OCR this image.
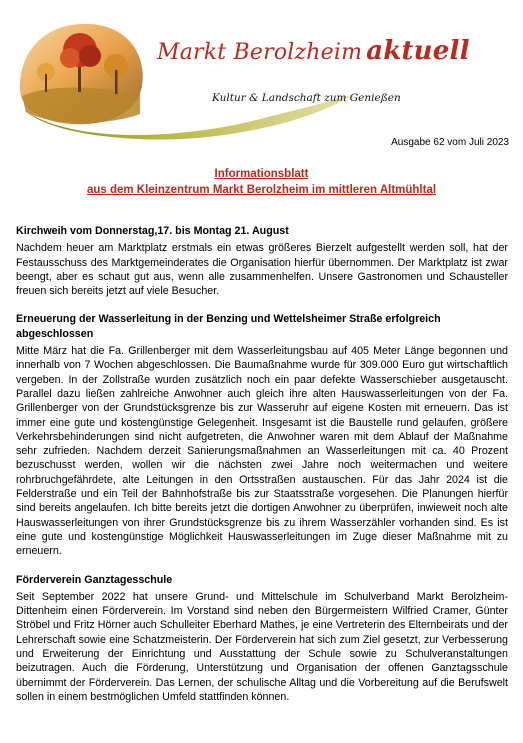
Markt Berolzheim aktuell
Kultur & Landschaft zum Genießen
Ausgabe 62 vom Juli 2023
Informationsblatt
aus dem Kleinzentrum Markt Berolzheim im mittleren Altmühltal
Kirchweih vom Donnerstag,17. bis Montag 21. August

Nachdem heuer am Marktplatz erstmals ein etwas größeres Bierzelt aufgestellt werden soll, hat der Festausschuss des Marktgemeinderates die Organisation hierfür übernommen. Der Marktplatz ist zwar beengt, aber es schaut gut aus, wenn alle zusammenhelfen. Unsere Gastronomen und Schausteller freuen sich bereits jetzt auf viele Besucher.

Erneuerung der Wasserleitung in der Benzing und Wettelsheimer Straße erfolgreich abgeschlossen

Mitte März hat die Fa. Grillenberger mit dem Wasserleitungsbau auf 405 Meter Länge begonnen und innerhalb von 7 Wochen abgeschlossen. Die Baumaßnahme wurde für 309.000 Euro gut wirtschaftlich vergeben. In der Zollstraße wurden zusätzlich noch ein paar defekte Wasserschieber ausgetauscht. Parallel dazu ließen zahlreiche Anwohner auch gleich ihre alten Hauswasserleitungen von der Fa. Grillenberger von der Grundstücksgrenze bis zur Wasseruhr auf eigene Kosten mit erneuern. Das ist immer eine gute und kostengünstige Gelegenheit. Insgesamt ist die Baustelle rund gelaufen, größere Verkehrsbehinderungen sind nicht aufgetreten, die Anwohner waren mit dem Ablauf der Maßnahme sehr zufrieden. Nachdem derzeit Sanierungsmaßnahmen an Wasserleitungen mit ca. 40 Prozent bezuschusst werden, wollen wir die nächsten zwei Jahre noch weitermachen und weitere rohrbruchgefährdete, alte Leitungen in den Ortsstraßen austauschen. Für das Jahr 2024 ist die Felderstraße und ein Teil der Bahnhofstraße bis zur Staatsstraße vorgesehen. Die Planungen hierfür sind bereits angelaufen. Ich bitte bereits jetzt die dortigen Anwohner zu überprüfen, inwieweit noch alte Hauswasserleitungen von ihrer Grundstücksgrenze bis zu ihrem Wasserzähler vorhanden sind. Es ist eine gute und kostengünstige Möglichkeit Hauswasserleitungen im Zuge dieser Maßnahme mit zu erneuern.

Förderverein Ganztagesschule

Seit September 2022 hat unsere Grund- und Mittelschule im Schulverband Markt Berolzheim-Dittenheim einen Förderverein. Im Vorstand sind neben den Bürgermeistern Wilfried Cramer, Günter Ströbel und Fritz Hörner auch Schulleiter Eberhard Mathes, je eine Vertreterin des Elternbeirats und der Lehrerschaft sowie eine Schatzmeisterin. Der Förderverein hat sich zum Ziel gesetzt, zur Verbesserung und Erweiterung der Einrichtung und Ausstattung der Schule sowie zu Schulveranstaltungen beizutragen. Auch die Förderung, Unterstützung und Organisation der offenen Ganztagsschule übernimmt der Förderverein. Das Lernen, der schulische Alltag und die Vorbereitung auf die Berufswelt sollen in einem bestmöglichen Umfeld stattfinden können.
